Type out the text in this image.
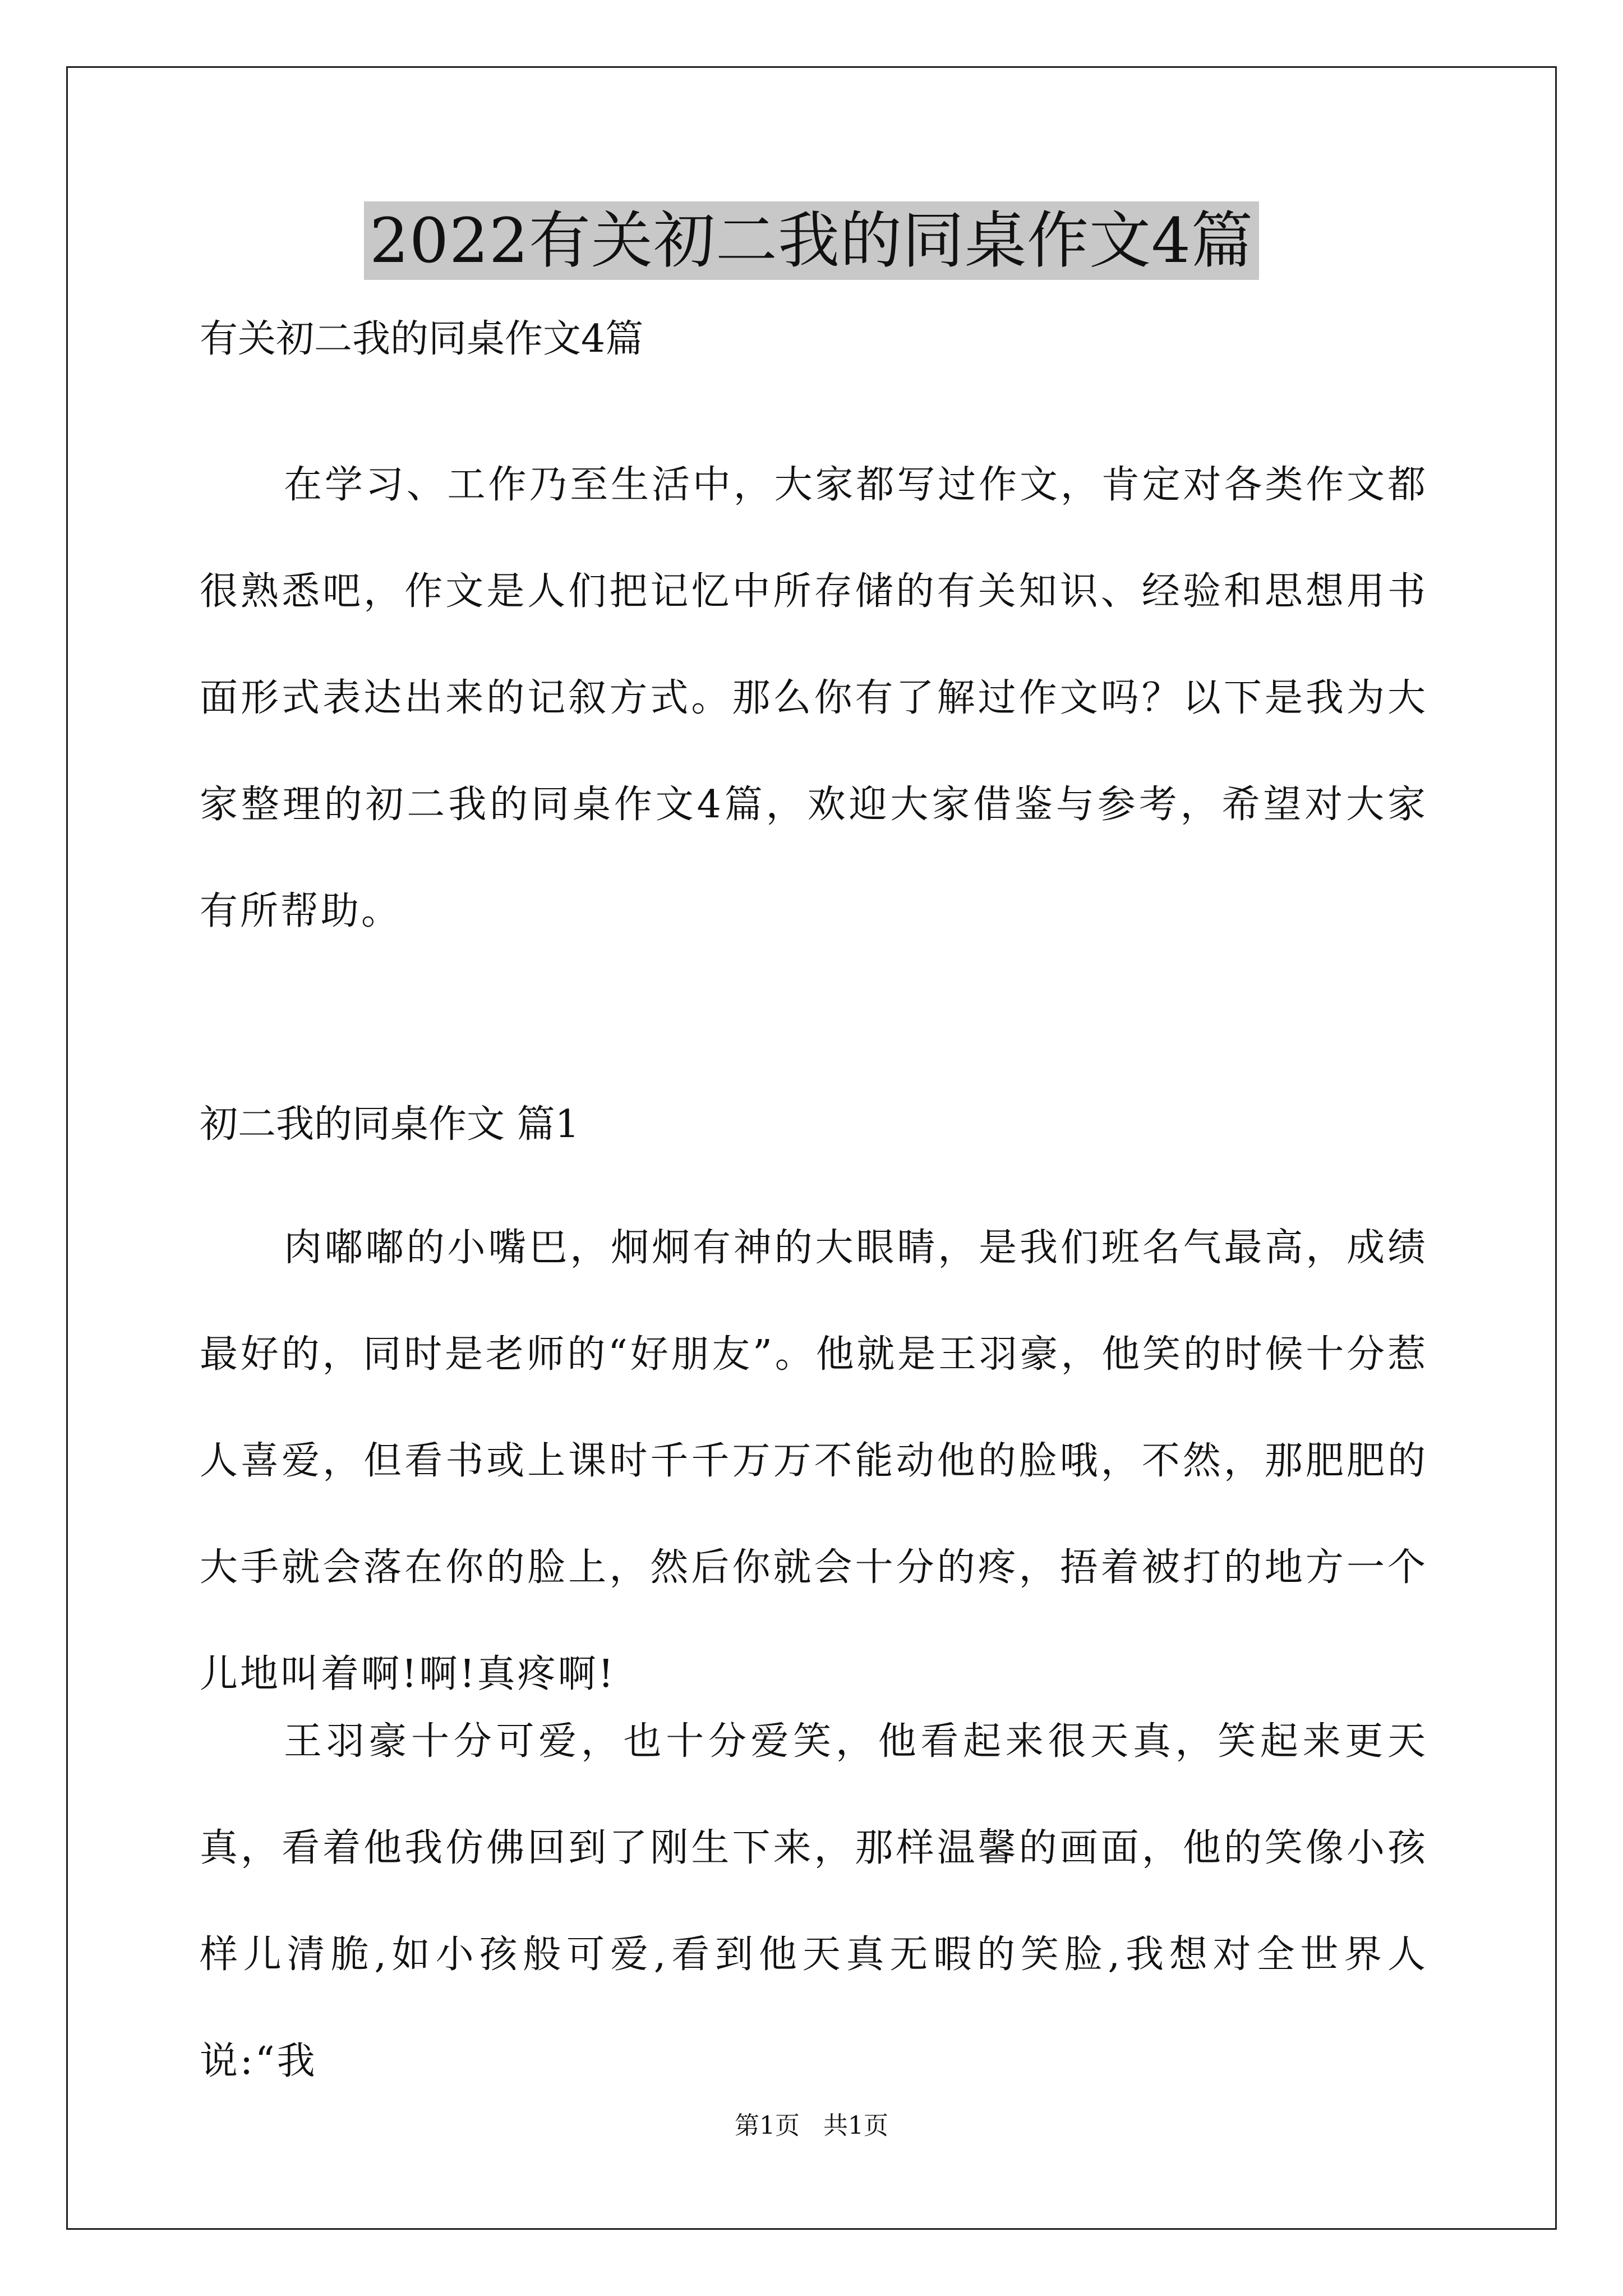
2022有关初二我的同桌作文4篇
有关初二我的同桌作文4篇
在学习、工作乃至生活中，大家都写过作文，肯定对各类作文都很熟悉吧，作文是人们把记忆中所存储的有关知识、经验和思想用书面形式表达出来的记叙方式。那么你有了解过作文吗？以下是我为大家整理的初二我的同桌作文4篇，欢迎大家借鉴与参考，希望对大家有所帮助。
初二我的同桌作文 篇1
肉嘟嘟的小嘴巴，炯炯有神的大眼睛，是我们班名气最高，成绩最好的，同时是老师的“好朋友”。他就是王羽豪，他笑的时候十分惹人喜爱，但看书或上课时千千万万不能动他的脸哦，不然，那肥肥的大手就会落在你的脸上，然后你就会十分的疼，捂着被打的地方一个儿地叫着啊!啊!真疼啊!
王羽豪十分可爱，也十分爱笑，他看起来很天真，笑起来更天真，看着他我仿佛回到了刚生下来，那样温馨的画面，他的笑像小孩样儿清脆,如小孩般可爱,看到他天真无暇的笑脸,我想对全世界人说:“我
第1页   共1页
